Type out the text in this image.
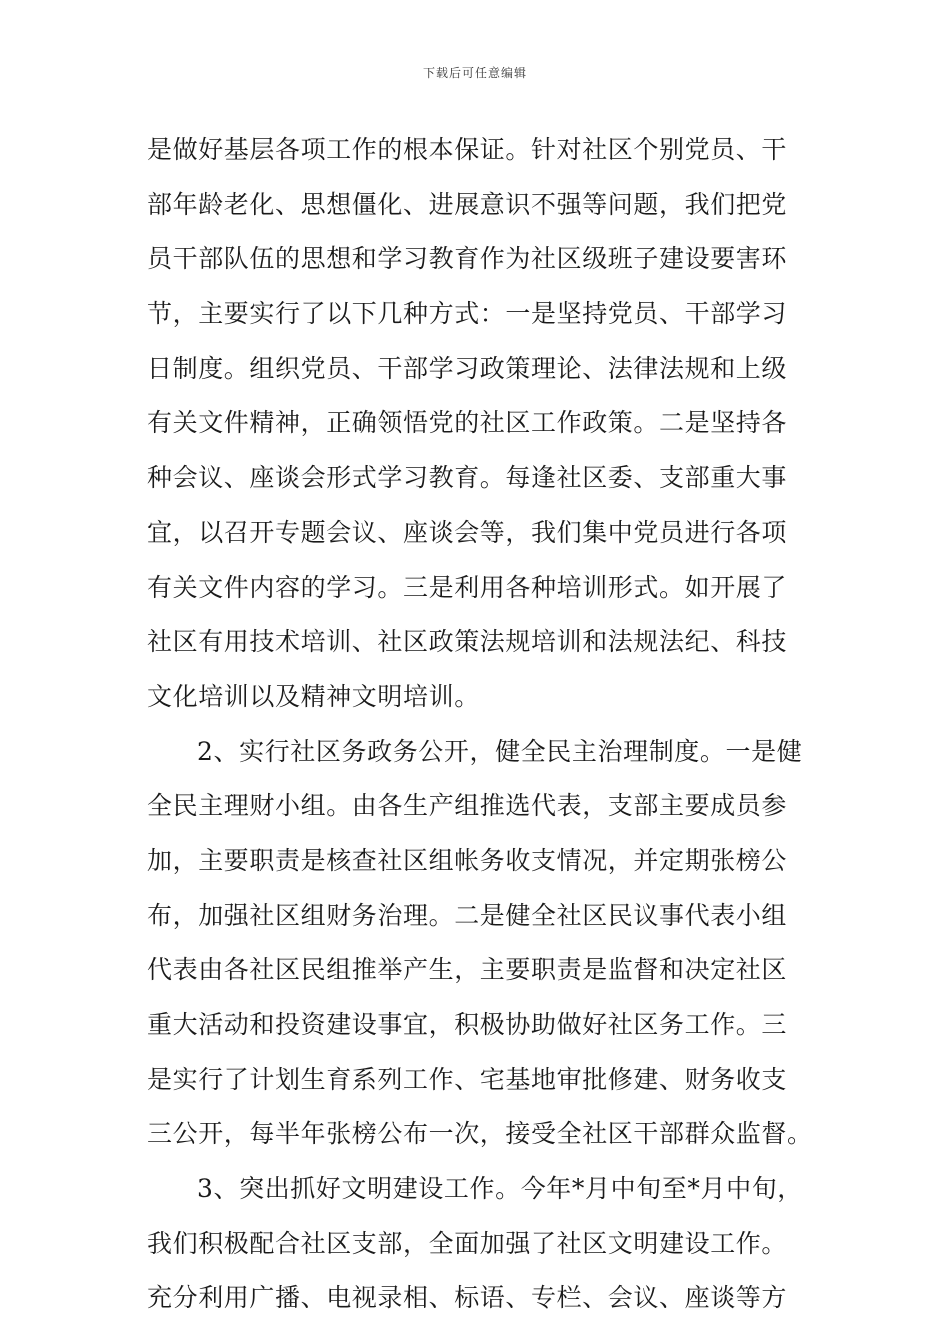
下载后可任意编辑
是做好基层各项工作的根本保证。针对社区个别党员、干
部年龄老化、思想僵化、进展意识不强等问题，我们把党
员干部队伍的思想和学习教育作为社区级班子建设要害环
节，主要实行了以下几种方式：一是坚持党员、干部学习
日制度。组织党员、干部学习政策理论、法律法规和上级
有关文件精神，正确领悟党的社区工作政策。二是坚持各
种会议、座谈会形式学习教育。每逢社区委、支部重大事
宜，以召开专题会议、座谈会等，我们集中党员进行各项
有关文件内容的学习。三是利用各种培训形式。如开展了
社区有用技术培训、社区政策法规培训和法规法纪、科技
文化培训以及精神文明培训。
2、实行社区务政务公开，健全民主治理制度。一是健
全民主理财小组。由各生产组推选代表，支部主要成员参
加，主要职责是核查社区组帐务收支情况，并定期张榜公
布，加强社区组财务治理。二是健全社区民议事代表小组
代表由各社区民组推举产生，主要职责是监督和决定社区
重大活动和投资建设事宜，积极协助做好社区务工作。三
是实行了计划生育系列工作、宅基地审批修建、财务收支
三公开，每半年张榜公布一次，接受全社区干部群众监督。
3、突出抓好文明建设工作。今年*月中旬至*月中旬，
我们积极配合社区支部，全面加强了社区文明建设工作。
充分利用广播、电视录相、标语、专栏、会议、座谈等方
